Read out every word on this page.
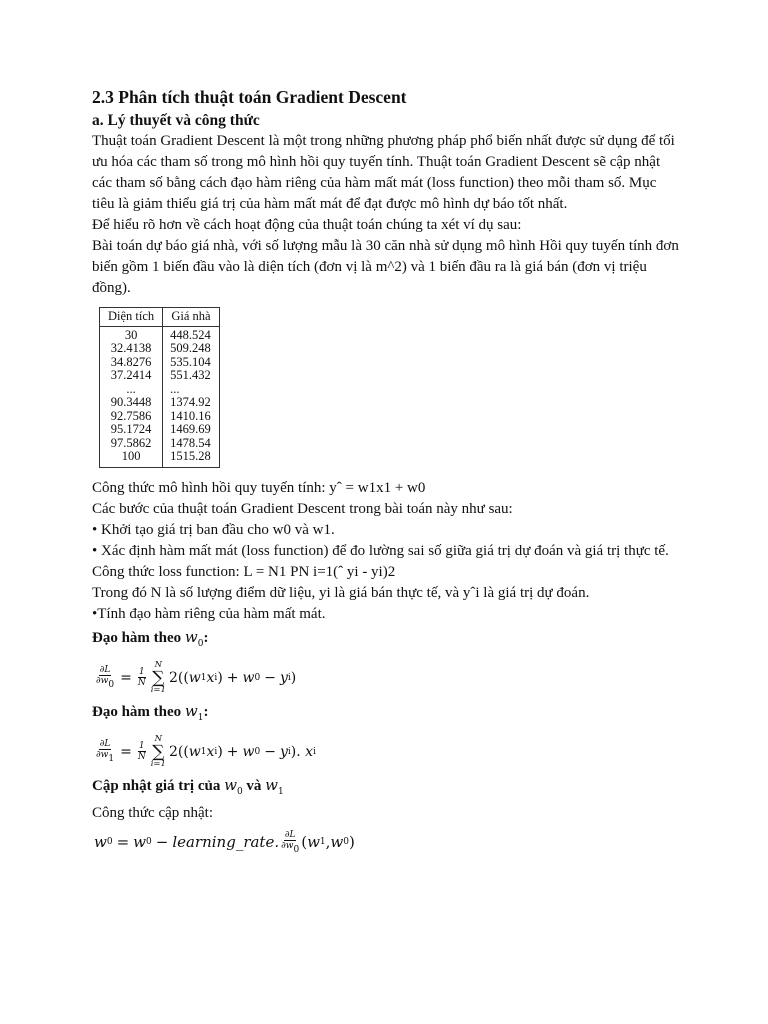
2.3 Phân tích thuật toán Gradient Descent
a. Lý thuyết và công thức

Thuật toán Gradient Descent là một trong những phương pháp phổ biến nhất được sử dụng để tối ưu hóa các tham số trong mô hình hồi quy tuyến tính. Thuật toán Gradient Descent sẽ cập nhật các tham số bằng cách đạo hàm riêng của hàm mất mát (loss function) theo mỗi tham số. Mục tiêu là giảm thiểu giá trị của hàm mất mát để đạt được mô hình dự báo tốt nhất.

Để hiểu rõ hơn về cách hoạt động của thuật toán chúng ta xét ví dụ sau:

Bài toán dự báo giá nhà, với số lượng mẫu là 30 căn nhà sử dụng mô hình Hồi quy tuyến tính đơn biến gồm 1 biến đầu vào là diện tích (đơn vị là m^2) và 1 biến đầu ra là giá bán (đơn vị triệu đồng).

Diện tích	Giá nhà
30	448.524
32.4138	509.248
34.8276	535.104
37.2414	551.432
...	...
90.3448	1374.92
92.7586	1410.16
95.1724	1469.69
97.5862	1478.54
100	1515.28

Công thức mô hình hồi quy tuyến tính: yˆ = w1x1 + w0

Các bước của thuật toán Gradient Descent trong bài toán này như sau:

• Khởi tạo giá trị ban đầu cho w0 và w1.

• Xác định hàm mất mát (loss function) để đo lường sai số giữa giá trị dự đoán và giá trị thực tế.

Công thức loss function: L = N1 PN i=1(ˆ yi - yi)2

Trong đó N là số lượng điểm dữ liệu, yi là giá bán thực tế, và yˆi là giá trị dự đoán.

•Tính đạo hàm riêng của hàm mất mát.

Đạo hàm theo $w_0$:
$\frac{\partial L}{\partial w_0} = \frac{1}{N}$
N
∑
i=1
2(( w 1 x i ) + w 0 − y i )
Đạo hàm theo $w_1$:
$\frac{\partial L}{\partial w_1} = \frac{1}{N}$
N
∑
i=1
2(( w 1 x i ) + w 0 − y i ) . x i
Cập nhật giá trị của $w_0$ và $w_1$

Công thức cập nhật:

w 0 = w 0 − learning_rate. $\frac{\partial L}{\partial w_0}$ ( w 1 , w 0 )
